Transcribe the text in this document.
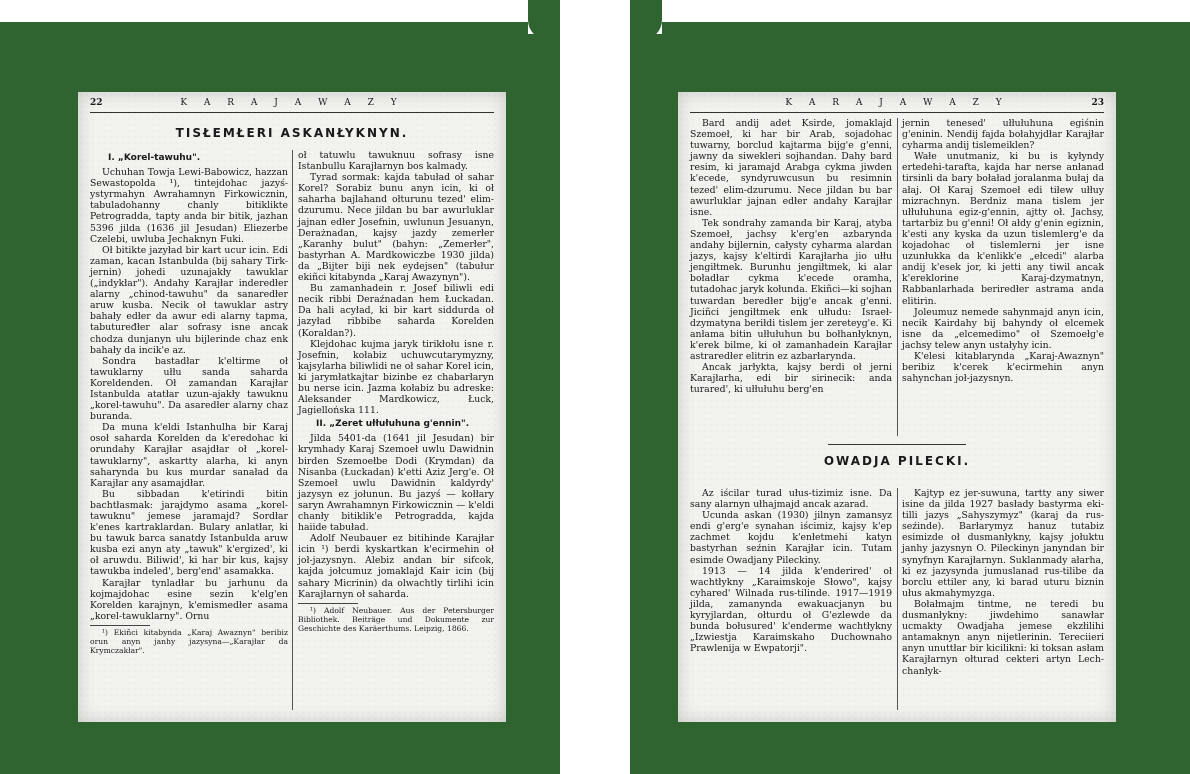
22	K A R A J A W A Z Y
TISŁEMŁERI ASKANŁYKNYN.

I. „Korel-tawuhu".

Uchuhan Towja Lewi-Babowicz, hazzan Sewastopolda ¹), tintejdohac jazyś-ystyrmahyn Awrahamnyn Firkowicznin, tabuladohanny chanly bitiklikte Petrogradda, tapty anda bir bitik, jazhan 5396 jilda (1636 jil Jesudan) Eliezerbe Czelebi, uwluba Jechaknyn Fuki.

Oł bitikte jazyład bir kart ucur icin. Edi zaman, kacan Istanbulda (bij sahary Tirk-jernin) johedi uzunajakły tawuklar („indykłar"). Andahy Karajłar inderedłer alarny „chinod-tawuhu" da sanaredłer aruw kusba. Necik oł tawuklar astry bahały edłer da awur edi alarny tapma, tabutuređłer alar sofrasy isne ancak chodza dunjanyn ułu bijlerinde chaz enk bahały da incik'e az.

Sondra bastadłar k'eltirme oł tawuklarny ułłu sanda saharda Koreldenden. Oł zamandan Karajłar Istanbulda atatłar uzun-ajakły tawuknu „korel-tawuhu". Da asaredłer alarny chaz buranda.

Da muna k'eldi Istanhulha bir Karaj osoł saharda Korelden da k'eredohac ki orundahy Karajłar asajdłar oł „korel-tawuklarny", askartty alarha, ki anyn saharynda bu kus murdar sanaład da Karajłar any asamajdłar.

Bu sibbadan k'etirindi bitin bachtłasmak: jarajdymo asama „korel-tawuknu" jemese jaramajd? Sordłar k'enes kartraklardan. Bulary anlatłar, ki bu tawuk barca sanatdy Istanbulda aruw kusba ezi anyn aty „tawuk" k'ergized', ki oł aruwdu. Biliwid', ki har bir kus, kajsy tawukba indeled', berg'end' asamakka.

Karajłar tynladłar bu jarhunu da kojmajdohac esine sezin k'elg'en Korelden karajnyn, k'emismedłer asama „korel-tawuklarny". Ornu

¹) Ekiñci kitabynda „Karaj Awaznyn" beribiz orun anyn janhy jazysyna—„Karajłar da Krymczakłar".

oł tatuwlu tawuknuu sofrasy isne Istanbullu Karajłarnyn bos kalmady.

Tyrad sormak: kajda tabuład oł sahar Korel? Sorabiz bunu anyn icin, ki oł saharha bajlahand ołturunu tezed' elim-dzurumu. Nece jildan bu bar awurluklar jajnan edłer Josefnin, uwlunun Jesuanyn, Derażnadan, kajsy jazdy zemerłer „Karanhy bulut" (bahyn: „Zemerłer", bastyrhan A. Mardkowiczbe 1930 jilda) da „Bijter biji nek eydejsen" (tabułur ekiñci kitabynda „Karaj Awazynyn").

Bu zamanhadein r. Josef biliwli edi necik ribbi Deraźnadan hem Łuckadan. Da hali acyład, ki bir kart siddurda oł jazyład ribbibe saharda Korelden (Koraldan?).

Klejdohac kujma jaryk tirikłołu isne r. Josefnin, kołabiz uchuwcutarymyzny, kajsylarha biliwlidi ne oł sahar Korel icin, ki jarymłatkajtar bizinbe ez chabarłaryn bu nerse icin. Jazma kołabiz bu adreske: Aleksander Mardkowicz, Łuck, Jagiellońska 111.

II. „Zeret ułłułuhuna g'ennin".

Jilda 5401-da (1641 jil Jesudan) bir krymhady Karaj Szemoeł uwlu Dawidnin birden Szemoełbe Dodi (Krymdan) da Nisanba (Łuckadan) k'etti Aziz Jerg'e. Oł Szemoeł uwlu Dawidnin kaldyrdy' jazysyn ez jołunun. Bu jazyś — kołłary saryn Awrahamnyn Firkowicznin — k'eldi chanły bitiklik'e Petrogradda, kajda haiide tabuład.

Adolf Neubauer ez bitihinde Karajłar icin ¹) berdi kyskartkan k'ecirmehin oł joł-jazysnyn. Alebiz andan bir sifcok, kajda jołcumuz jomaklajd Kair icin (bij sahary Micrinin) da olwachtly tirlihi icin Karajłarnyn oł saharda.

¹) Adolf Neubauer. Aus der Petersburger Bibliothek. Beiträge und Dokumente zur Geschichte des Karäerthums. Leipzig, 1866.

K A R A J A W A Z Y	23

Bard andij adet Ksirde, jomaklajd Szemoeł, ki har bir Arab, sojadohac tuwarny, borclud kajtarma bijg'e g'enni, jawny da siwekleri sojhandan. Dahy bard resim, ki jaramajd Arabga cykma jiwden k'ecede, syndyruwcusun bu resimnin tezed' elim-dzurumu. Nece jildan bu bar awurluklar jajnan edłer andahy Karajłar isne.

Tek sondrahy zamanda bir Karaj, atyba Szemoeł, jachsy k'erg'en azbarynda andahy bijlernin, całysty cyharma alardan jazys, kajsy k'eltirdi Karajłarha jio ułłu jengiłtmek. Burunhu jengiłtmek, ki alar boładłar cykma k'ecede oramha, tutadohac jaryk kołunda. Ekiñci—ki sojhan tuwardan beredłer bijg'e ancak g'enni. Jiciñci jengiłtmek enk ułłudu: Israeł-dzymatyna beriłdi tislem jer zereteyg'e. Ki anłama bitin ułłułuhun bu bołhanłyknyn, k'erek bilme, ki oł zamanhadein Karajłar astraredłer elitrin ez azbarłarynda.

Ancak jarłykta, kajsy berdi oł jerni Karajłarha, edi bir sirinecik: anda turared', ki ułłułuhu berg'en

jernin tenesed' ułłułuhuna egiśnin g'eninin. Nendij fajda bołahyjdłar Karajłar cyharma andij tislemeiklen?

Wałe unutmaniz, ki bu is kyłyndy ertedehi-tarafta, kajda har nerse anłanad tirsinli da bary bołaład joralanma bułaj da ałaj. Oł Karaj Szemoeł edi tiłew ułłuy mizrachnyn. Berdniz mana tislem jer ułłułuhuna egiz-g'ennin, ajtty oł. Jachsy, tartarbiz bu g'enni! Oł ałdy g'enin egiznin, k'esti any kyska da uzun tislemlerg'e da kojadohac oł tislemlerni jer isne uzunłukka da k'enlikk'e „ełcedi" alarba andij k'esek jor, ki jetti any tiwil ancak k'ereklorine Karaj-dzymatnyn, Rabbanlarhada beriredłer astrama anda elitirin.

Joleumuz nemede sahynmajd anyn icin, necik Kairdahy bij bahyndy oł elcemek isne da „elcemedimo" oł Szemoełg'e jachsy telew anyn ustałyhy icin.

K'elesi kitablarynda „Karaj-Awaznyn" beribiz k'cerek k'ecirmehin anyn sahynchan joł-jazysnyn.

OWADJA PILECKI.

Az iścilar turad ułus-tizimiz isne. Da sany alarnyn ułhajmajd ancak azarad.

Ucunda askan (1930) jilnyn zamansyz endi g'erg'e synahan iścimiz, kajsy k'ep zachmet kojdu k'enłetmehi katyn bastyrhan seźnin Karajłar icin. Tutam esimde Owadjany Pileckiny.

1913 — 14 jilda k'enderired' oł wachtłykny „Karaimskoje Słowo", kajsy cyhared' Wilnada rus-tilinde. 1917—1919 jilda, zamanynda ewakuacjanyn bu kyryjlardan, ołturdu oł G'ezlewde da bunda bołusured' k'enderme wachtłykny „Izwiestja Karaimskaho Duchownaho Prawlenija w Ewpatorji".

Kajtyp ez jer-suwuna, tartty any siwer isine da jilda 1927 basłady bastyrma eki-tilli jazys „Sahyszymyz" (karaj da rus-seźinde). Barłarymyz hanuz tutabiz esimizde oł dusmanłykny, kajsy jołuktu janhy jazysnyn O. Pileckinyn janyndan bir synyfnyn Karajłarnyn. Suklanmady ałarha, ki ez jazysynda jumuslanad rus-tilibe da borclu ettiler any, ki barad uturu biznin ułus akmahymyzga.

Bołałmajm tintme, ne teredi bu dusmanłykny: jiwdehimo sanawłar ucmakty Owadjaha jemese ekzłilihi antamaknyn anyn nijetlerinin. Tereciieri anyn unuttłar bir kicilikni: ki toksan asłam Karajłarnyn ołturad cekteri artyn Lech-chanłyk-
